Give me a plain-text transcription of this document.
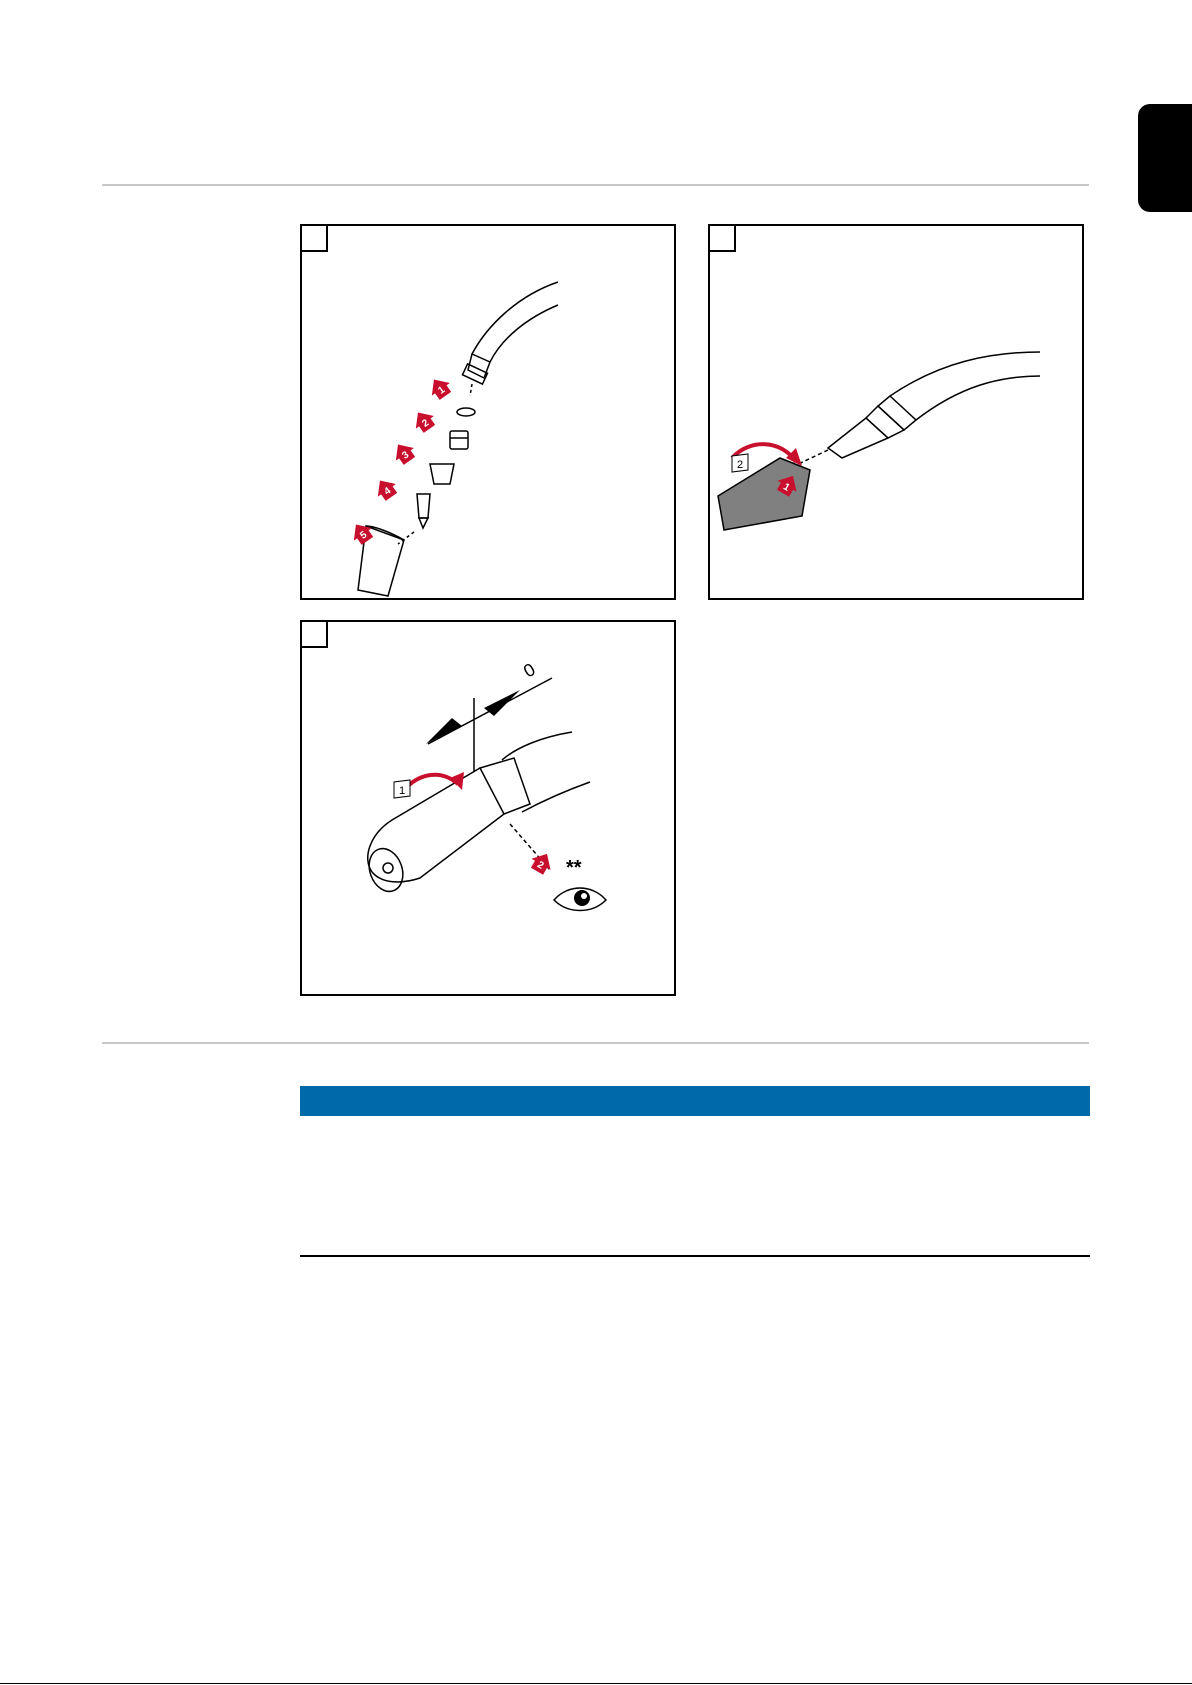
1
2
3
4
5
2
1
0
1
2 **
